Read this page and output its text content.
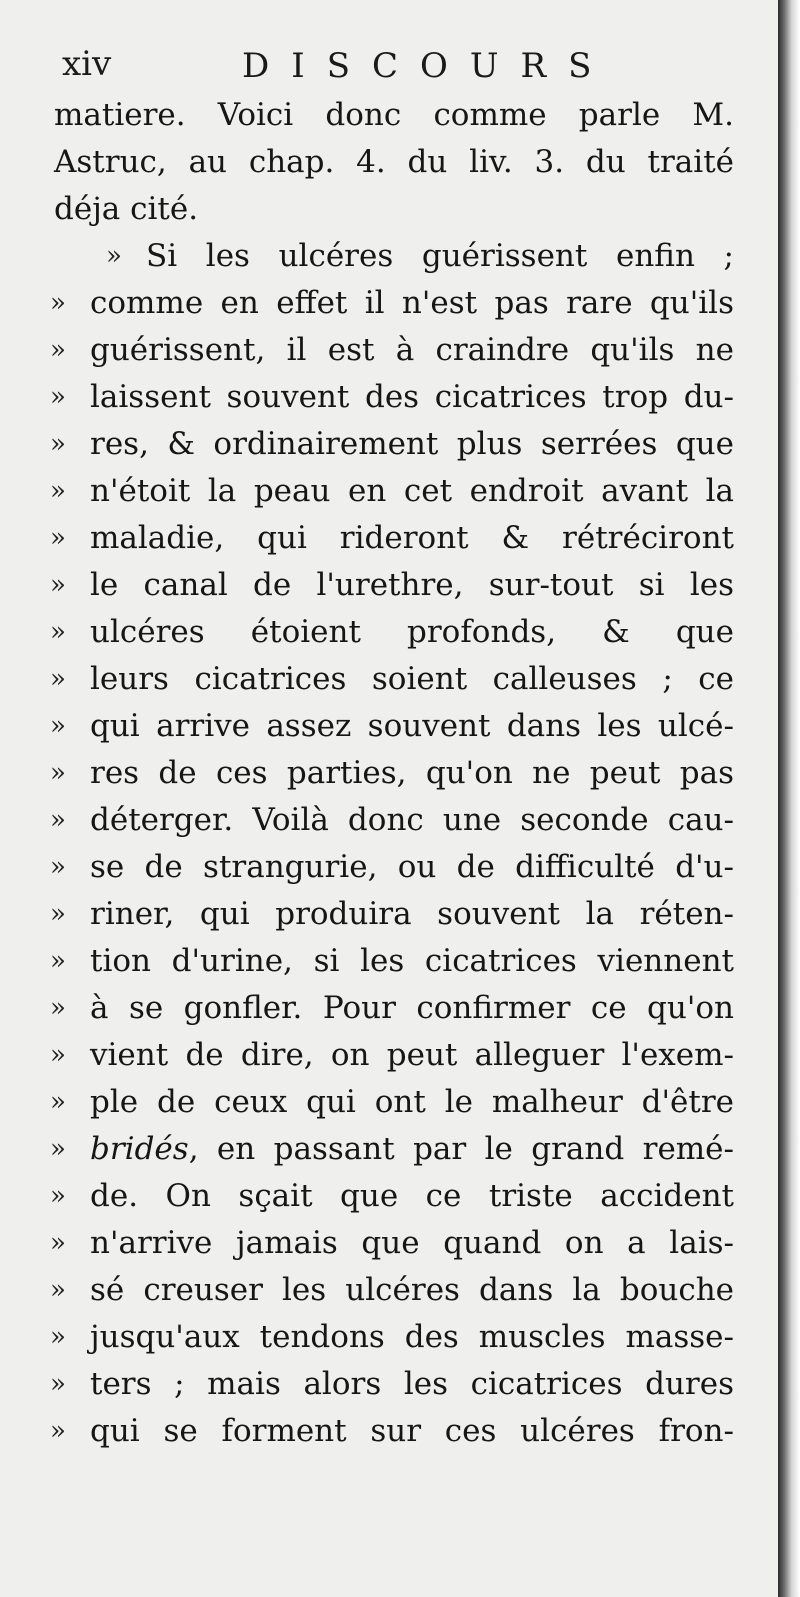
xiv	DISCOURS
matiere. Voici donc comme parle M.
Astruc, au chap. 4. du liv. 3. du traité
déja cité.
» Si les ulcéres guérissent enfin ;
» comme en effet il n'est pas rare qu'ils
» guérissent, il est à craindre qu'ils ne
» laissent souvent des cicatrices trop du-
» res, & ordinairement plus serrées que
» n'étoit la peau en cet endroit avant la
» maladie, qui rideront & rétréciront
» le canal de l'urethre, sur-tout si les
» ulcéres étoient profonds, & que
» leurs cicatrices soient calleuses ; ce
» qui arrive assez souvent dans les ulcé-
» res de ces parties, qu'on ne peut pas
» déterger. Voilà donc une seconde cau-
» se de strangurie, ou de difficulté d'u-
» riner, qui produira souvent la réten-
» tion d'urine, si les cicatrices viennent
» à se gonfler. Pour confirmer ce qu'on
» vient de dire, on peut alleguer l'exem-
» ple de ceux qui ont le malheur d'être
» bridés, en passant par le grand remé-
» de. On sçait que ce triste accident
» n'arrive jamais que quand on a lais-
» sé creuser les ulcéres dans la bouche
» jusqu'aux tendons des muscles masse-
» ters ; mais alors les cicatrices dures
» qui se forment sur ces ulcéres fron-
